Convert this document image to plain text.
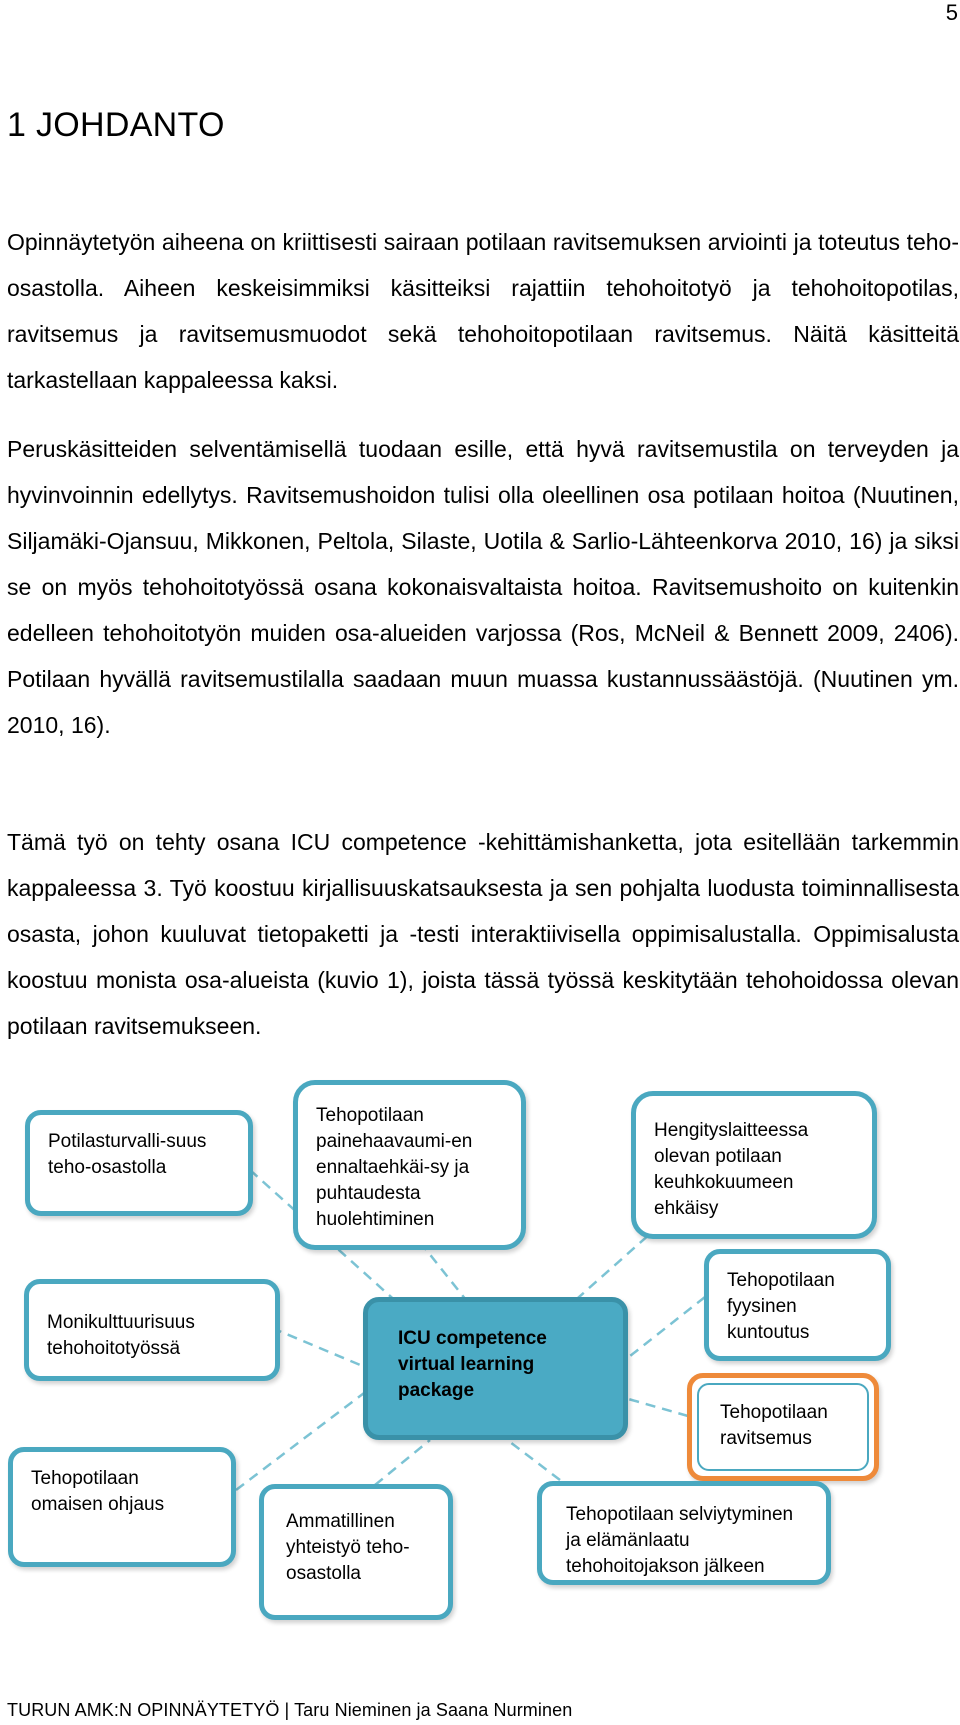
5
1 JOHDANTO

Opinnäytetyön aiheena on kriittisesti sairaan potilaan ravitsemuksen arviointi ja toteutus teho-osastolla. Aiheen keskeisimmiksi käsitteiksi rajattiin tehohoitotyö ja tehohoitopotilas, ravitsemus ja ravitsemusmuodot sekä tehohoitopotilaan ravitsemus. Näitä käsitteitä tarkastellaan kappaleessa kaksi.

Peruskäsitteiden selventämisellä tuodaan esille, että hyvä ravitsemustila on terveyden ja hyvinvoinnin edellytys. Ravitsemushoidon tulisi olla oleellinen osa potilaan hoitoa (Nuutinen, Siljamäki-Ojansuu, Mikkonen, Peltola, Silaste, Uotila & Sarlio-Lähteenkorva 2010, 16) ja siksi se on myös tehohoitotyössä osana kokonaisvaltaista hoitoa. Ravitsemushoito on kuitenkin edelleen tehohoitotyön muiden osa-alueiden varjossa (Ros, McNeil & Bennett 2009, 2406). Potilaan hyvällä ravitsemustilalla saadaan muun muassa kustannussäästöjä. (Nuutinen ym. 2010, 16).

Tämä työ on tehty osana ICU competence -kehittämishanketta, jota esitellään tarkemmin kappaleessa 3. Työ koostuu kirjallisuuskatsauksesta ja sen pohjalta luodusta toiminnallisesta osasta, johon kuuluvat tietopaketti ja -testi interaktiivisella oppimisalustalla. Oppimisalusta koostuu monista osa-alueista (kuvio 1), joista tässä työssä keskitytään tehohoidossa olevan potilaan ravitsemukseen.

Potilasturvalli-suus teho-osastolla
Tehopotilaan painehaavaumi-en ennaltaehkäi-sy ja puhtaudesta huolehtiminen
Hengityslaitteessa olevan potilaan keuhkokuumeen ehkäisy
Monikulttuurisuus tehohoitotyössä	ICU competence virtual learning package
Tehopotilaan fyysinen kuntoutus
Tehopotilaan ravitsemus
Tehopotilaan omaisen ohjaus
Ammatillinen yhteistyö teho-osastolla
Tehopotilaan selviytyminen ja elämänlaatu tehohoitojakson jälkeen
TURUN AMK:N OPINNÄYTETYÖ | Taru Nieminen ja Saana Nurminen
